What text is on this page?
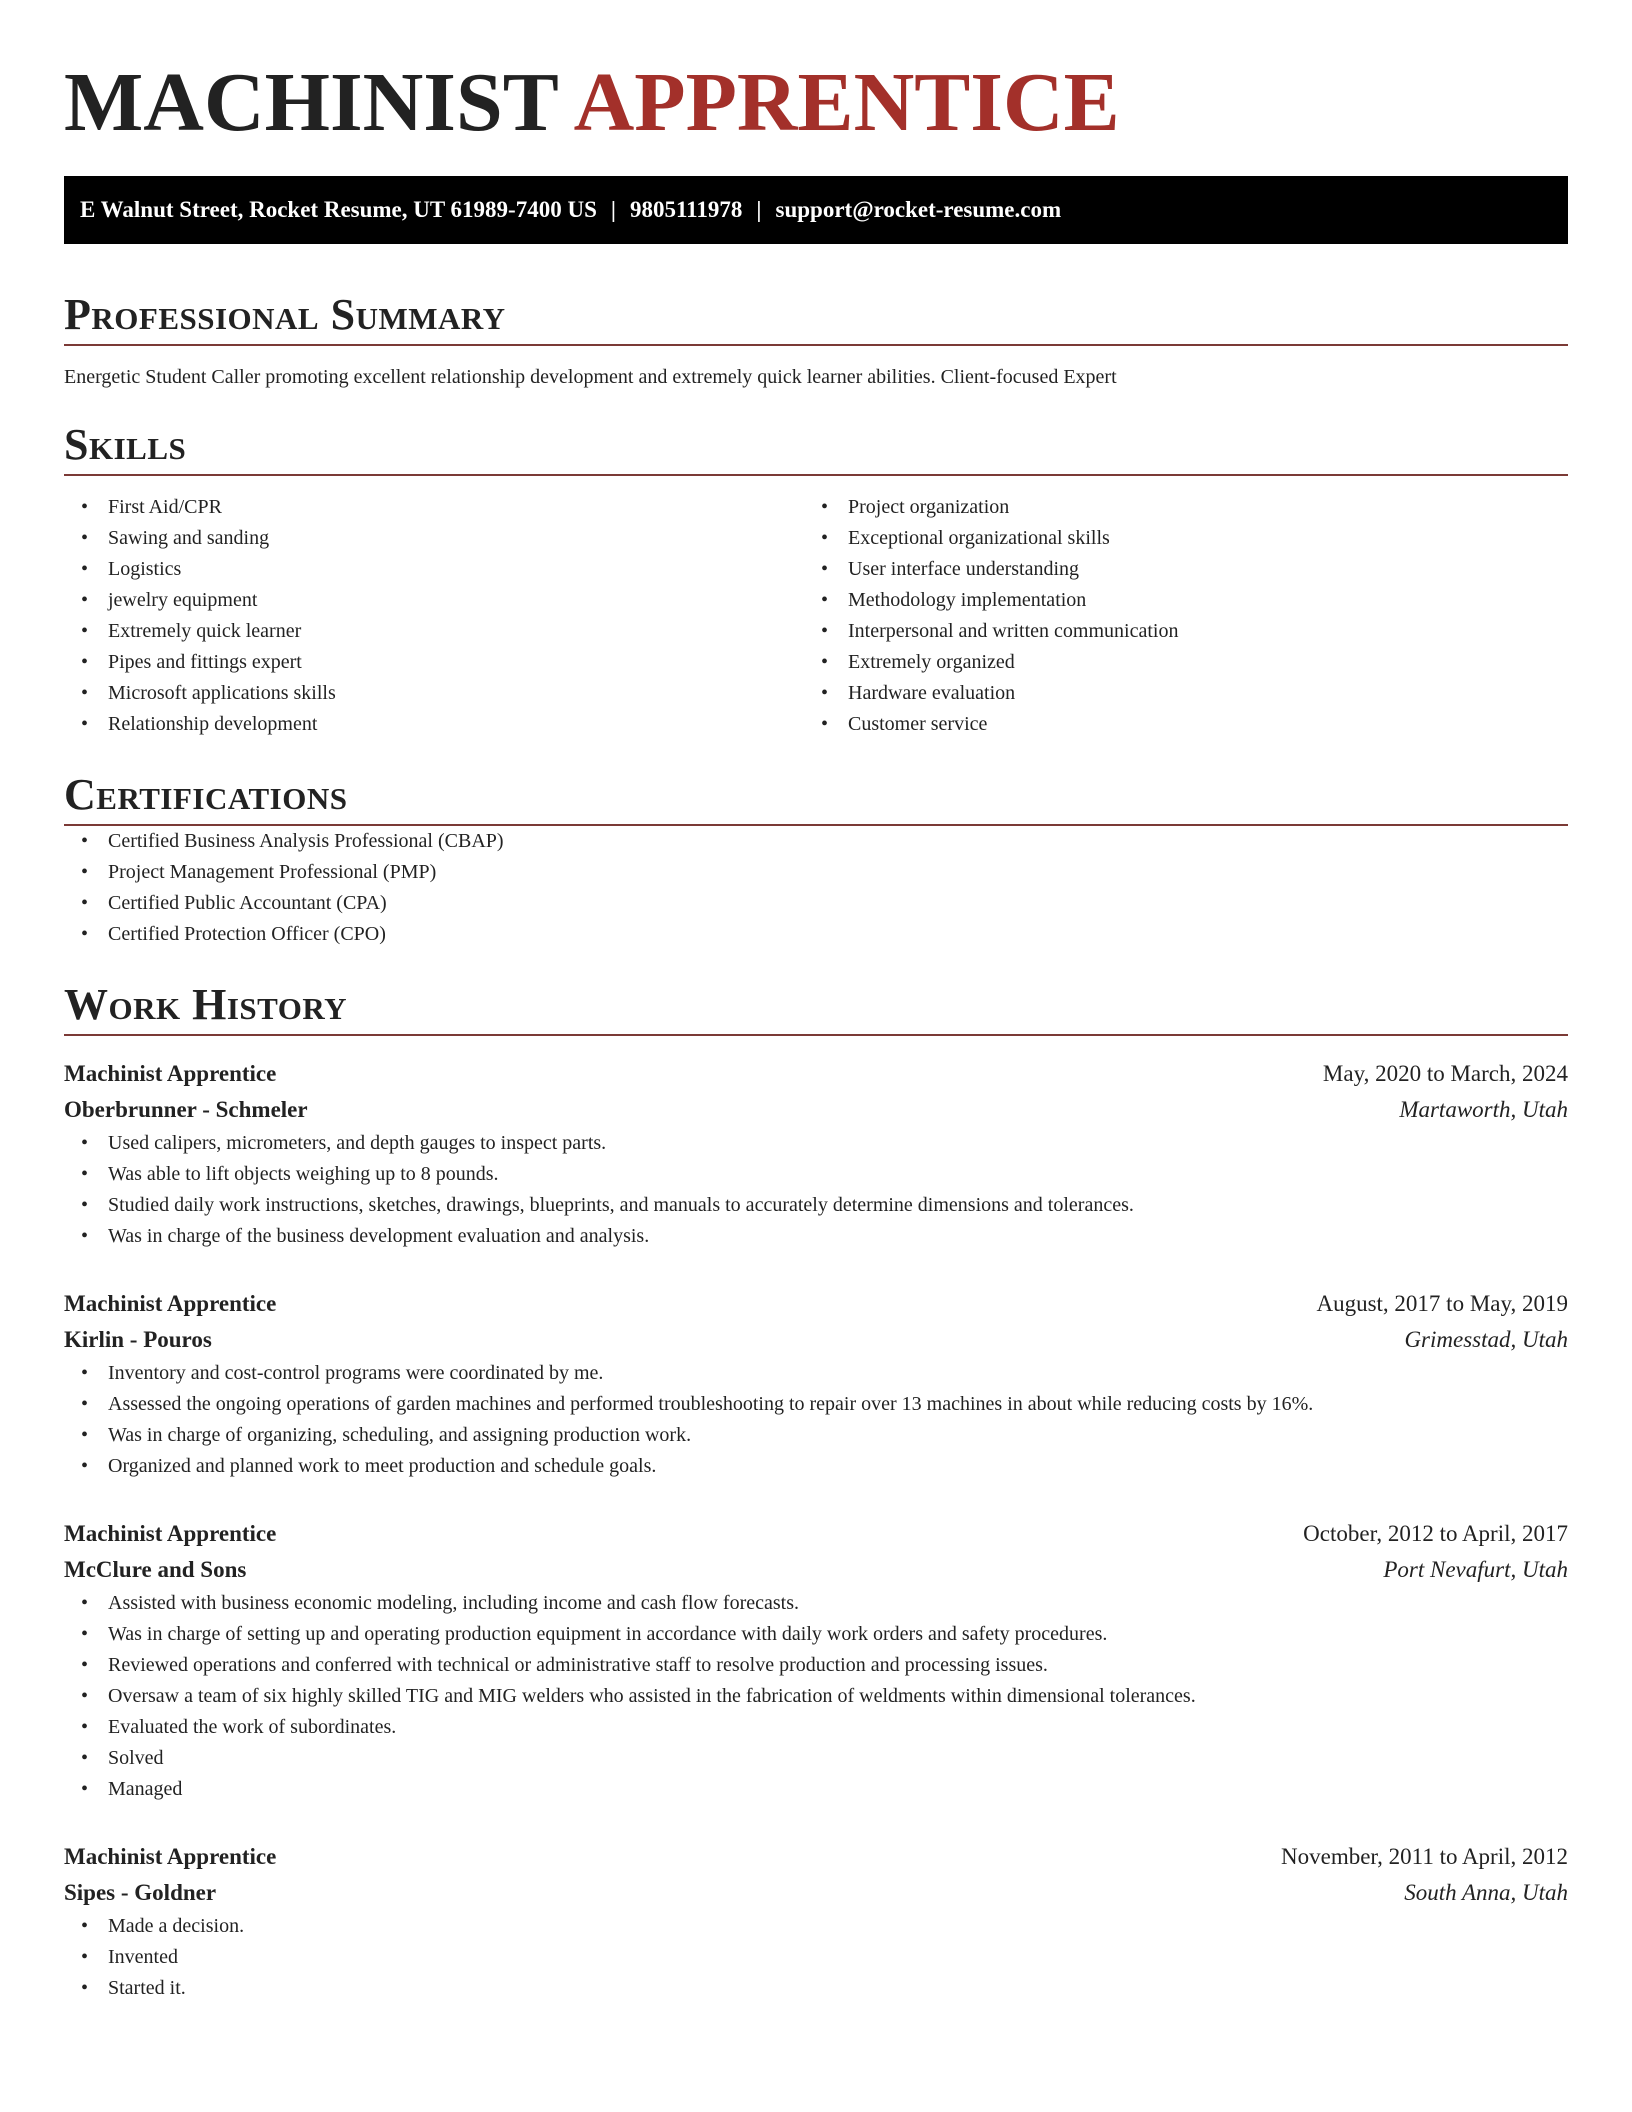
MACHINIST APPRENTICE
E Walnut Street, Rocket Resume, UT 61989-7400 US | 9805111978 | support@rocket-resume.com
Professional Summary
Energetic Student Caller promoting excellent relationship development and extremely quick learner abilities. Client-focused Expert
Skills
• First Aid/CPR
• Sawing and sanding
• Logistics
• jewelry equipment
• Extremely quick learner
• Pipes and fittings expert
• Microsoft applications skills
• Relationship development
• Project organization
• Exceptional organizational skills
• User interface understanding
• Methodology implementation
• Interpersonal and written communication
• Extremely organized
• Hardware evaluation
• Customer service
Certifications
• Certified Business Analysis Professional (CBAP)
• Project Management Professional (PMP)
• Certified Public Accountant (CPA)
• Certified Protection Officer (CPO)
Work History
Machinist Apprentice	May, 2020 to March, 2024
Oberbrunner - Schmeler	Martaworth, Utah
• Used calipers, micrometers, and depth gauges to inspect parts.
• Was able to lift objects weighing up to 8 pounds.
• Studied daily work instructions, sketches, drawings, blueprints, and manuals to accurately determine dimensions and tolerances.
• Was in charge of the business development evaluation and analysis.
Machinist Apprentice	August, 2017 to May, 2019
Kirlin - Pouros	Grimesstad, Utah
• Inventory and cost-control programs were coordinated by me.
• Assessed the ongoing operations of garden machines and performed troubleshooting to repair over 13 machines in about while reducing costs by 16%.
• Was in charge of organizing, scheduling, and assigning production work.
• Organized and planned work to meet production and schedule goals.
Machinist Apprentice	October, 2012 to April, 2017
McClure and Sons	Port Nevafurt, Utah
• Assisted with business economic modeling, including income and cash flow forecasts.
• Was in charge of setting up and operating production equipment in accordance with daily work orders and safety procedures.
• Reviewed operations and conferred with technical or administrative staff to resolve production and processing issues.
• Oversaw a team of six highly skilled TIG and MIG welders who assisted in the fabrication of weldments within dimensional tolerances.
• Evaluated the work of subordinates.
• Solved
• Managed
Machinist Apprentice	November, 2011 to April, 2012
Sipes - Goldner	South Anna, Utah
• Made a decision.
• Invented
• Started it.
